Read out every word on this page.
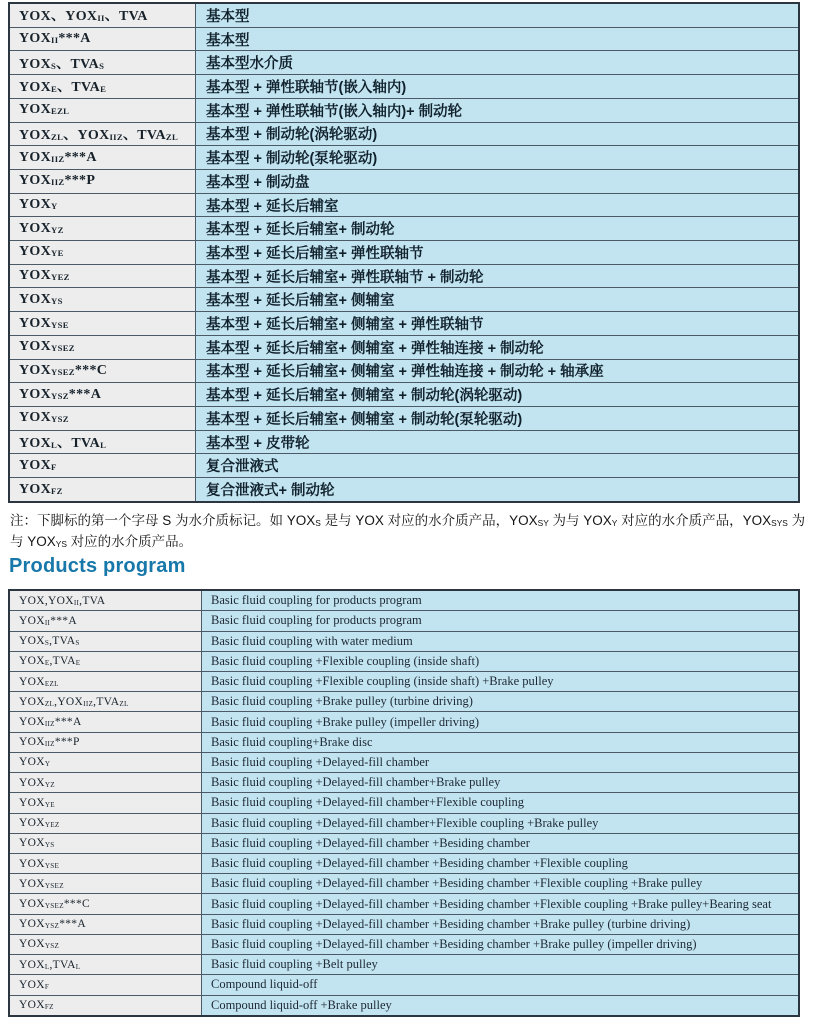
YOX、$YOX_{II}$、TVA	基本型
$YOX_{II}***A$	基本型
$YOX_S$、$TVA_S$	基本型水介质
$YOX_E$、$TVA_E$	基本型 + 弹性联轴节(嵌入轴内)
$YOX_{EZL}$	基本型 + 弹性联轴节(嵌入轴内)+ 制动轮
$YOX_{ZL}$、$YOX_{IIZ}$、$TVA_{ZL}$	基本型 + 制动轮(涡轮驱动)
$YOX_{IIZ}***A$	基本型 + 制动轮(泵轮驱动)
$YOX_{IIZ}***P$	基本型 + 制动盘
$YOX_Y$	基本型 + 延长后辅室
$YOX_{YZ}$	基本型 + 延长后辅室+ 制动轮
$YOX_{YE}$	基本型 + 延长后辅室+ 弹性联轴节
$YOX_{YEZ}$	基本型 + 延长后辅室+ 弹性联轴节 + 制动轮
$YOX_{YS}$	基本型 + 延长后辅室+ 侧辅室
$YOX_{YSE}$	基本型 + 延长后辅室+ 侧辅室 + 弹性联轴节
$YOX_{YSEZ}$	基本型 + 延长后辅室+ 侧辅室 + 弹性轴连接 + 制动轮
$YOX_{YSEZ}***C$	基本型 + 延长后辅室+ 侧辅室 + 弹性轴连接 + 制动轮 + 轴承座
$YOX_{YSZ}***A$	基本型 + 延长后辅室+ 侧辅室 + 制动轮(涡轮驱动)
$YOX_{YSZ}$	基本型 + 延长后辅室+ 侧辅室 + 制动轮(泵轮驱动)
$YOX_L$、$TVA_L$	基本型 + 皮带轮
$YOX_F$	复合泄液式
$YOX_{FZ}$	复合泄液式+ 制动轮
注：下脚标的第一个字母 S 为水介质标记。如 $YOX_S$ 是与 YOX 对应的水介质产品，$YOX_{SY}$ 为与 $YOX_Y$ 对应的水介质产品，$YOX_{SYS}$ 为与 $YOX_{YS}$ 对应的水介质产品。
Products program
$YOX,YOX_{II},TVA$	Basic fluid coupling for products program
$YOX_{II}***A$	Basic fluid coupling for products program
$YOX_S,TVA_S$	Basic fluid coupling with water medium
$YOX_E,TVA_E$	Basic fluid coupling +Flexible coupling (inside shaft)
$YOX_{EZL}$	Basic fluid coupling +Flexible coupling (inside shaft) +Brake pulley
$YOX_{ZL},YOX_{IIZ},TVA_{ZL}$	Basic fluid coupling +Brake pulley (turbine driving)
$YOX_{IIZ}***A$	Basic fluid coupling +Brake pulley (impeller driving)
$YOX_{IIZ}***P$	Basic fluid coupling+Brake disc
$YOX_Y$	Basic fluid coupling +Delayed-fill chamber
$YOX_{YZ}$	Basic fluid coupling +Delayed-fill chamber+Brake pulley
$YOX_{YE}$	Basic fluid coupling +Delayed-fill chamber+Flexible coupling
$YOX_{YEZ}$	Basic fluid coupling +Delayed-fill chamber+Flexible coupling +Brake pulley
$YOX_{YS}$	Basic fluid coupling +Delayed-fill chamber +Besiding chamber
$YOX_{YSE}$	Basic fluid coupling +Delayed-fill chamber +Besiding chamber +Flexible coupling
$YOX_{YSEZ}$	Basic fluid coupling +Delayed-fill chamber +Besiding chamber +Flexible coupling +Brake pulley
$YOX_{YSEZ}***C$	Basic fluid coupling +Delayed-fill chamber +Besiding chamber +Flexible coupling +Brake pulley+Bearing seat
$YOX_{YSZ}***A$	Basic fluid coupling +Delayed-fill chamber +Besiding chamber +Brake pulley (turbine driving)
$YOX_{YSZ}$	Basic fluid coupling +Delayed-fill chamber +Besiding chamber +Brake pulley (impeller driving)
$YOX_L,TVA_L$	Basic fluid coupling +Belt pulley
$YOX_F$	Compound liquid-off
$YOX_{FZ}$	Compound liquid-off +Brake pulley
